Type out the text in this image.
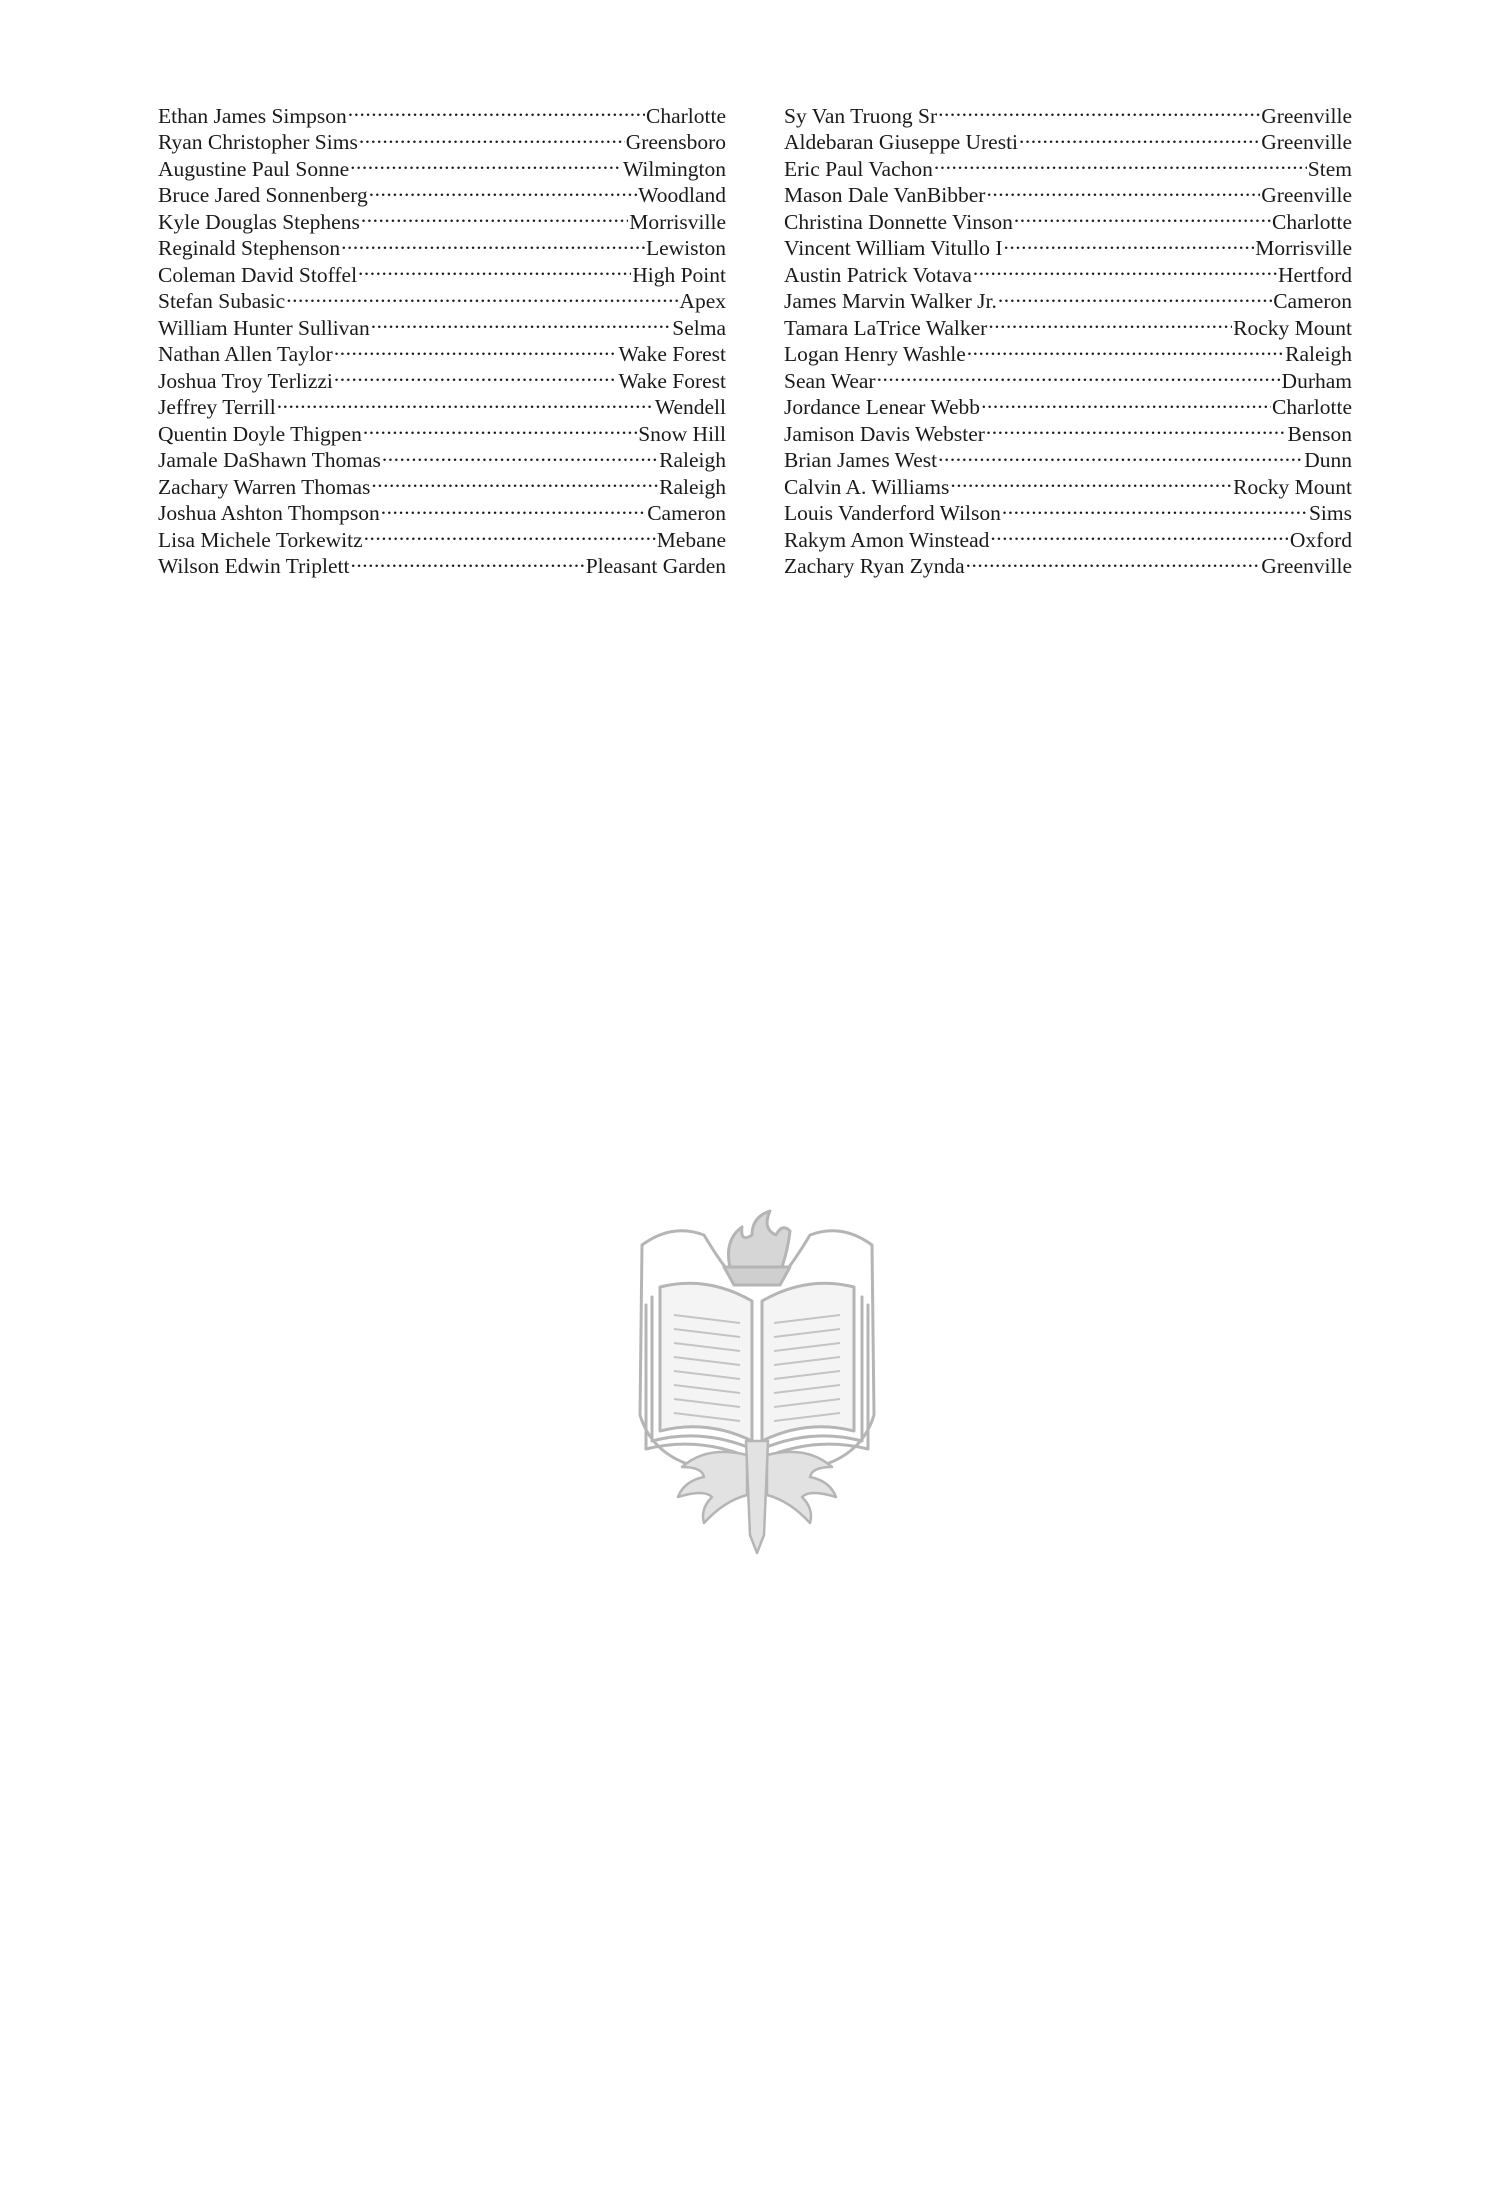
Ethan James Simpson .....	Charlotte
Ryan Christopher Sims .....	Greensboro
Augustine Paul Sonne .....	Wilmington
Bruce Jared Sonnenberg .....	Woodland
Kyle Douglas Stephens .....	Morrisville
Reginald Stephenson .....	Lewiston
Coleman David Stoffel .....	High Point
Stefan Subasic .....	Apex
William Hunter Sullivan .....	Selma
Nathan Allen Taylor .....	Wake Forest
Joshua Troy Terlizzi .....	Wake Forest
Jeffrey Terrill .....	Wendell
Quentin Doyle Thigpen .....	Snow Hill
Jamale DaShawn Thomas .....	Raleigh
Zachary Warren Thomas .....	Raleigh
Joshua Ashton Thompson .....	Cameron
Lisa Michele Torkewitz .....	Mebane
Wilson Edwin Triplett .....	Pleasant Garden
Sy Van Truong Sr .....	Greenville
Aldebaran Giuseppe Uresti .....	Greenville
Eric Paul Vachon .....	Stem
Mason Dale VanBibber .....	Greenville
Christina Donnette Vinson .....	Charlotte
Vincent William Vitullo I .....	Morrisville
Austin Patrick Votava .....	Hertford
James Marvin Walker Jr. .....	Cameron
Tamara LaTrice Walker .....	Rocky Mount
Logan Henry Washle .....	Raleigh
Sean Wear .....	Durham
Jordance Lenear Webb .....	Charlotte
Jamison Davis Webster .....	Benson
Brian James West .....	Dunn
Calvin A. Williams .....	Rocky Mount
Louis Vanderford Wilson .....	Sims
Rakym Amon Winstead .....	Oxford
Zachary Ryan Zynda .....	Greenville
